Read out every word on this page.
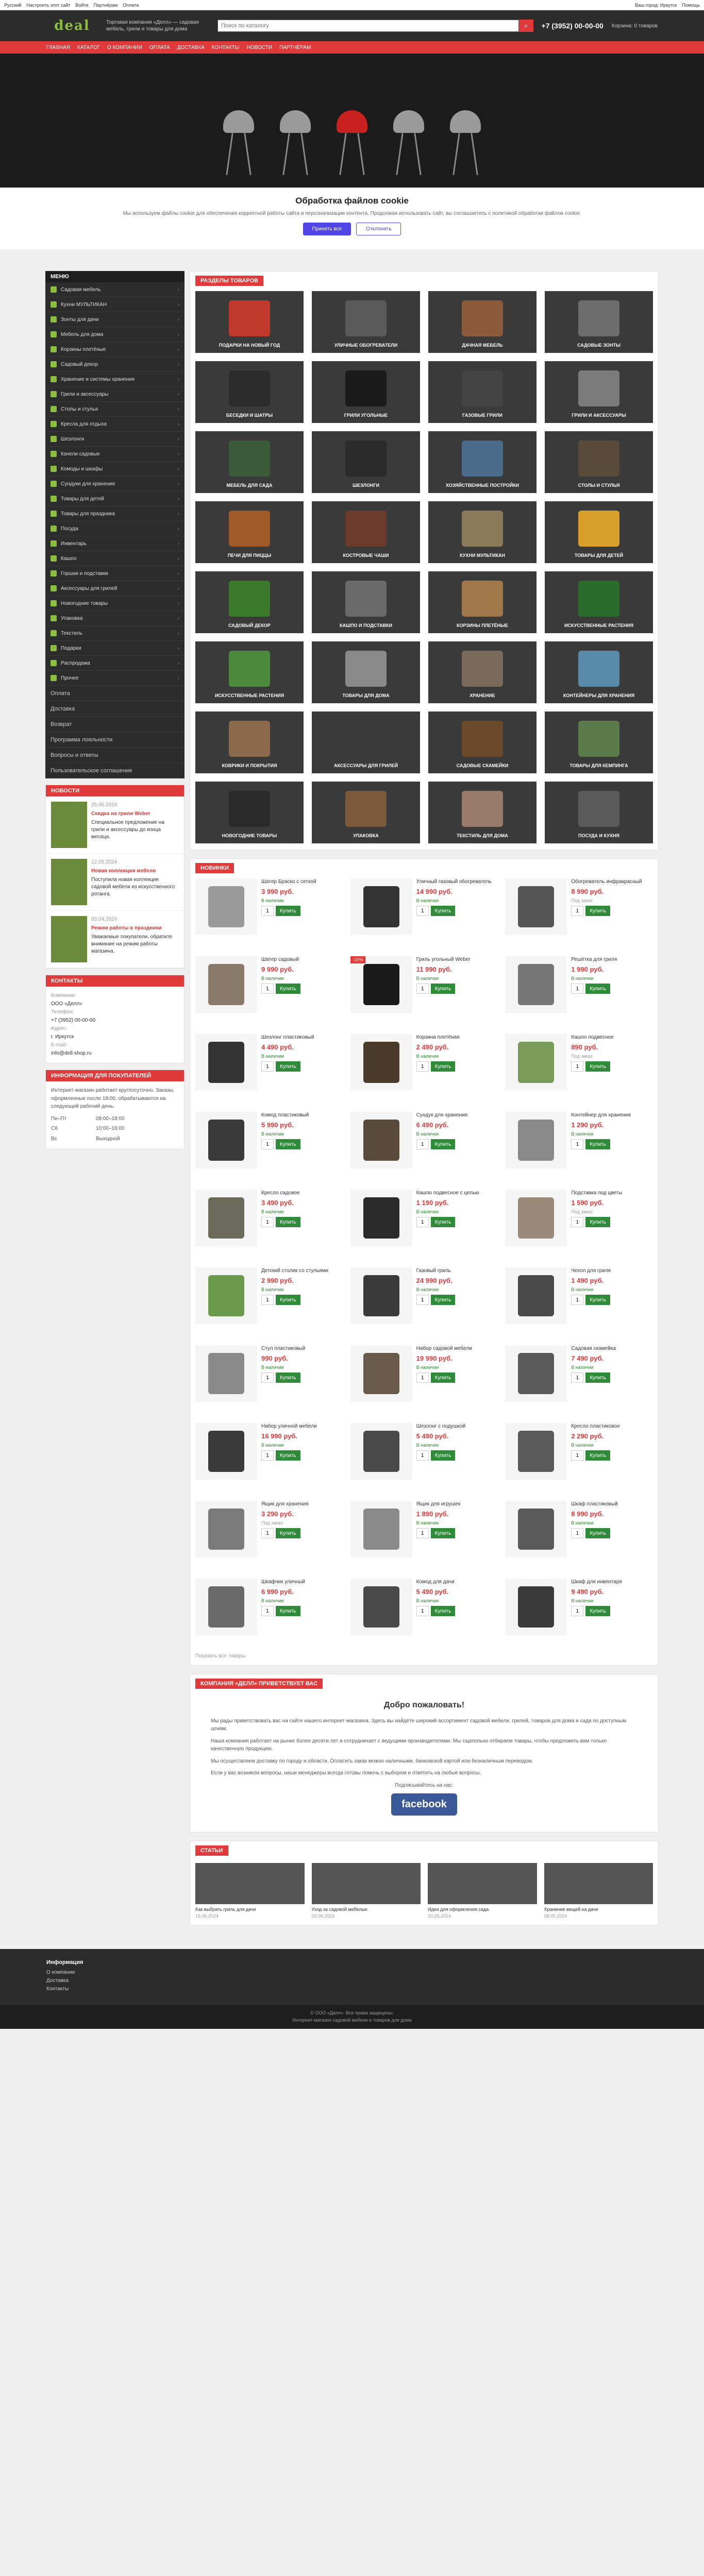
Русский Настроить этот сайт Войти Партнёрам Оплата	Ваш город: Иркутск Помощь
deal	Торговая компания «Делл» — садовая мебель, грили и товары для дома
Поиск по каталогу	⌕	+7 (3952) 00-00-00 Корзина: 0 товаров
ГЛАВНАЯ КАТАЛОГ О КОМПАНИИ ОПЛАТА ДОСТАВКА КОНТАКТЫ НОВОСТИ ПАРТНЁРАМ
Обработка файлов cookie

Мы используем файлы cookie для обеспечения корректной работы сайта и персонализации контента. Продолжая использовать сайт, вы соглашаетесь с политикой обработки файлов cookie.

Принять все	Отклонить
МЕНЮ
Садовая мебель	›
Кухни МУЛЬТИКАН	›
Зонты для дачи	›
Мебель для дома	›
Корзины плетёные	›
Садовый декор	›
Хранение и системы хранения	›
Грили и аксессуары	›
Столы и стулья	›
Кресла для отдыха	›
Шезлонги	›
Качели садовые	›
Комоды и шкафы	›
Сундуки для хранения	›
Товары для детей	›
Товары для праздника	›
Посуда	›
Инвентарь	›
Кашпо	›
Горшки и подставки	›
Аксессуары для грилей	›
Новогодние товары	›
Упаковка	›
Текстиль	›
Подарки	›
Распродажа	›
Прочее	›
Оплата
Доставка
Возврат
Программа лояльности
Вопросы и ответы
Пользовательское соглашение
НОВОСТИ
25.06.2024
Скидка на грили Weber
Специальное предложение на грили и аксессуары до конца месяца.
12.05.2024
Новая коллекция мебели
Поступила новая коллекция садовой мебели из искусственного ротанга.
03.04.2024
Режим работы в праздники
Уважаемые покупатели, обратите внимание на режим работы магазина.
КОНТАКТЫ
Компания:
ООО «Делл»
Телефон:
+7 (3952) 00-00-00
Адрес:
г. Иркутск
E-mail:
info@dell-shop.ru
ИНФОРМАЦИЯ ДЛЯ ПОКУПАТЕЛЕЙ
Интернет-магазин работает круглосуточно. Заказы, оформленные после 18:00, обрабатываются на следующий рабочий день.
Пн–Пт	09:00–18:00
Сб	10:00–16:00
Вс	Выходной
РАЗДЕЛЫ ТОВАРОВ
ПОДАРКИ НА НОВЫЙ ГОД	УЛИЧНЫЕ ОБОГРЕВАТЕЛИ	ДАЧНАЯ МЕБЕЛЬ	САДОВЫЕ ЗОНТЫ
БЕСЕДКИ И ШАТРЫ	ГРИЛИ УГОЛЬНЫЕ	ГАЗОВЫЕ ГРИЛИ	ГРИЛИ И АКСЕССУАРЫ
МЕБЕЛЬ ДЛЯ САДА	ШЕЗЛОНГИ	ХОЗЯЙСТВЕННЫЕ ПОСТРОЙКИ	СТОЛЫ И СТУЛЬЯ
ПЕЧИ ДЛЯ ПИЦЦЫ	КОСТРОВЫЕ ЧАШИ	КУХНИ МУЛЬТИКАН	ТОВАРЫ ДЛЯ ДЕТЕЙ
САДОВЫЙ ДЕКОР	КАШПО И ПОДСТАВКИ	КОРЗИНЫ ПЛЕТЁНЫЕ	ИСКУССТВЕННЫЕ РАСТЕНИЯ
ИСКУССТВЕННЫЕ РАСТЕНИЯ	ТОВАРЫ ДЛЯ ДОМА	ХРАНЕНИЕ	КОНТЕЙНЕРЫ ДЛЯ ХРАНЕНИЯ
КОВРИКИ И ПОКРЫТИЯ	АКСЕССУАРЫ ДЛЯ ГРИЛЕЙ	САДОВЫЕ СКАМЕЙКИ	ТОВАРЫ ДЛЯ КЕМПИНГА
НОВОГОДНИЕ ТОВАРЫ	УПАКОВКА	ТЕКСТИЛЬ ДЛЯ ДОМА	ПОСУДА И КУХНЯ
НОВИНКИ
Шатер Браско с сеткой
3 990 руб.
В наличии
1
Купить
Уличный газовый обогреватель
14 990 руб.
В наличии
1
Купить
Обогреватель инфракрасный
8 990 руб.
Под заказ
1
Купить
Шатер садовый
9 990 руб.
В наличии
1
Купить
-10%	Гриль угольный Weber
11 990 руб.
В наличии
1
Купить
Решётка для гриля
1 990 руб.
В наличии
1
Купить
Шезлонг пластиковый
4 490 руб.
В наличии
1
Купить
Корзина плетёная
2 490 руб.
В наличии
1
Купить
Кашпо подвесное
890 руб.
Под заказ
1
Купить
Комод пластиковый
5 990 руб.
В наличии
1
Купить
Сундук для хранения
6 490 руб.
В наличии
1
Купить
Контейнер для хранения
1 290 руб.
В наличии
1
Купить
Кресло садовое
3 490 руб.
В наличии
1
Купить
Кашпо подвесное с цепью
1 190 руб.
В наличии
1
Купить
Подставка под цветы
1 590 руб.
Под заказ
1
Купить
Детский столик со стульями
2 990 руб.
В наличии
1
Купить
Газовый гриль
24 990 руб.
В наличии
1
Купить
Чехол для гриля
1 490 руб.
В наличии
1
Купить
Стул пластиковый
990 руб.
В наличии
1
Купить
Набор садовой мебели
19 990 руб.
В наличии
1
Купить
Садовая скамейка
7 490 руб.
В наличии
1
Купить
Набор уличной мебели
16 990 руб.
В наличии
1
Купить
Шезлонг с подушкой
5 490 руб.
В наличии
1
Купить
Кресло пластиковое
2 290 руб.
В наличии
1
Купить
Ящик для хранения
3 290 руб.
Под заказ
1
Купить
Ящик для игрушек
1 890 руб.
В наличии
1
Купить
Шкаф пластиковый
8 990 руб.
В наличии
1
Купить
Шкафчик уличный
6 990 руб.
В наличии
1
Купить
Комод для дачи
5 490 руб.
В наличии
1
Купить
Шкаф для инвентаря
9 490 руб.
В наличии
1
Купить
Показать все товары
КОМПАНИЯ «ДЕЛЛ» ПРИВЕТСТВУЕТ ВАС
Добро пожаловать!

Мы рады приветствовать вас на сайте нашего интернет-магазина. Здесь вы найдёте широкий ассортимент садовой мебели, грилей, товаров для дома и сада по доступным ценам.

Наша компания работает на рынке более десяти лет и сотрудничает с ведущими производителями. Мы тщательно отбираем товары, чтобы предложить вам только качественную продукцию.

Мы осуществляем доставку по городу и области. Оплатить заказ можно наличными, банковской картой или безналичным переводом.

Если у вас возникли вопросы, наши менеджеры всегда готовы помочь с выбором и ответить на любые вопросы.

Подписывайтесь на нас:
facebook
СТАТЬИ
Как выбрать гриль для дачи
15.06.2024
Уход за садовой мебелью
02.06.2024
Идеи для оформления сада
20.05.2024
Хранение вещей на даче
08.05.2024
Информация
О компании
Доставка
Контакты
© ООО «Делл». Все права защищены.
Интернет-магазин садовой мебели и товаров для дома
